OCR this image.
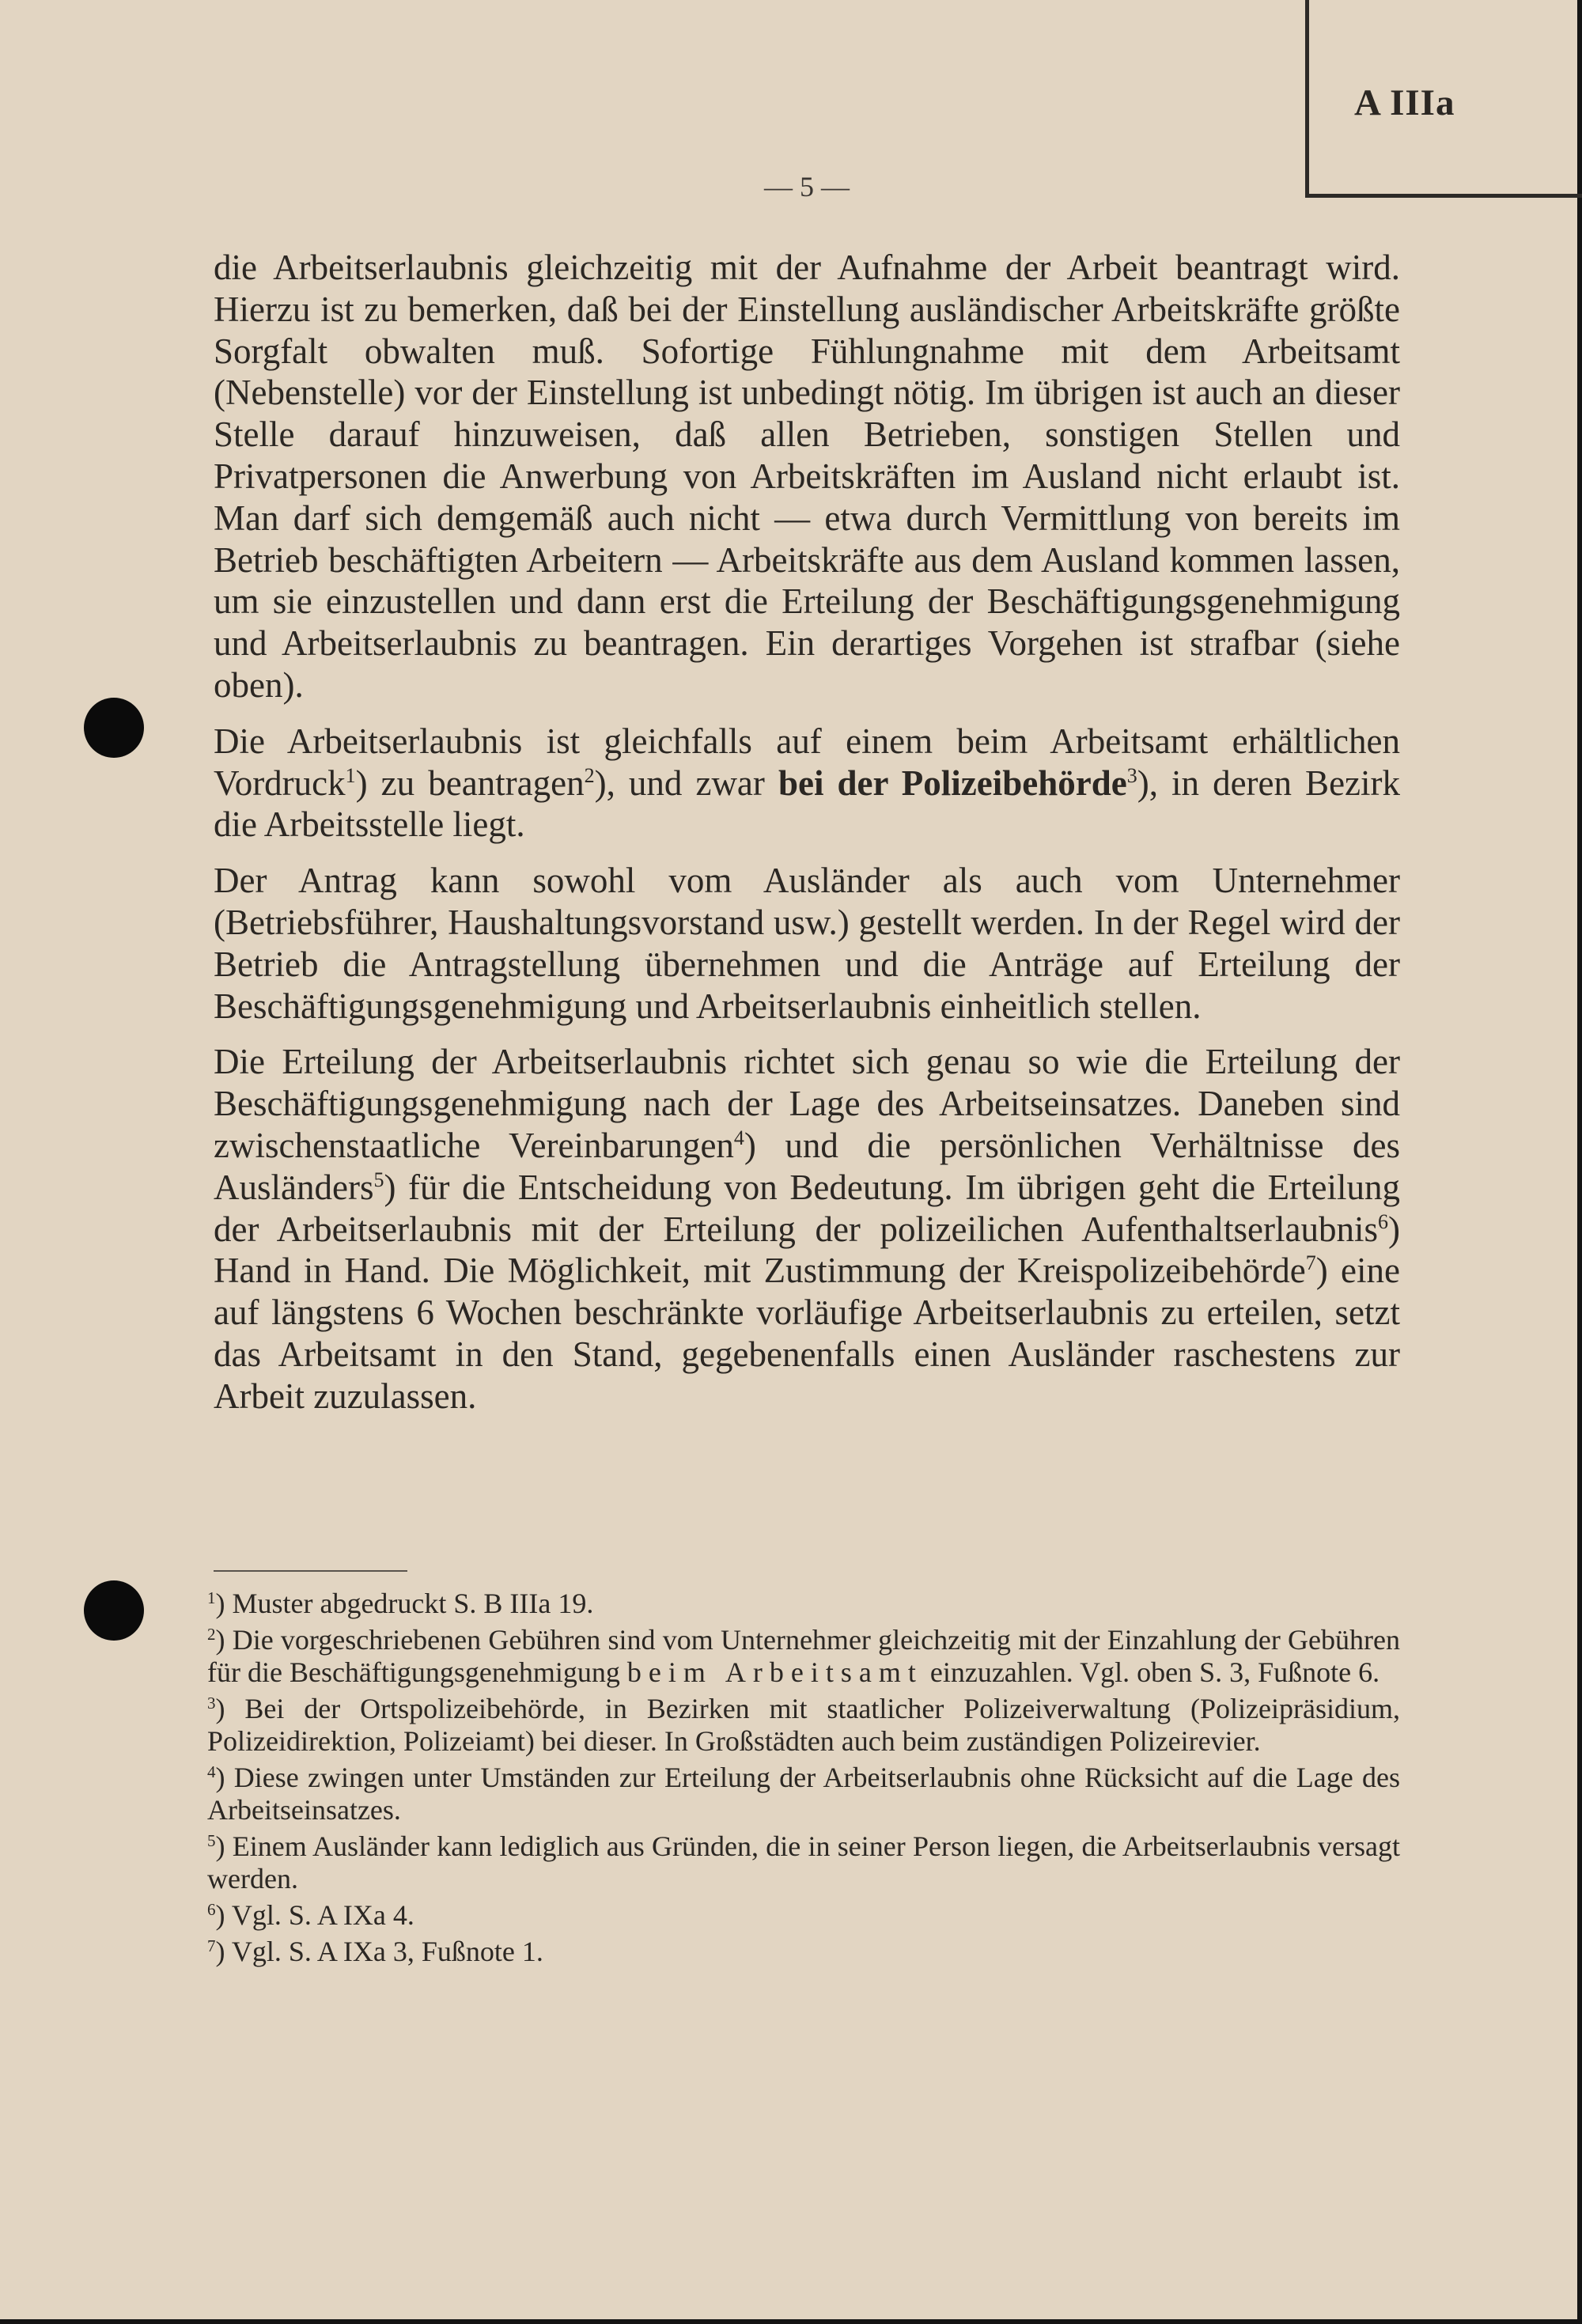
A IIIa
— 5 —

die Arbeitserlaubnis gleichzeitig mit der Aufnahme der Arbeit beantragt wird. Hierzu ist zu bemerken, daß bei der Einstellung ausländischer Arbeitskräfte größte Sorgfalt obwalten muß. Sofortige Fühlungnahme mit dem Arbeitsamt (Nebenstelle) vor der Einstellung ist unbedingt nötig. Im übrigen ist auch an dieser Stelle darauf hinzuweisen, daß allen Betrieben, sonstigen Stellen und Privatpersonen die Anwerbung von Arbeitskräften im Ausland nicht erlaubt ist. Man darf sich demgemäß auch nicht — etwa durch Vermittlung von bereits im Betrieb beschäftigten Arbeitern — Arbeitskräfte aus dem Ausland kommen lassen, um sie einzustellen und dann erst die Erteilung der Beschäftigungsgenehmigung und Arbeitserlaubnis zu beantragen. Ein derartiges Vorgehen ist strafbar (siehe oben).

Die Arbeitserlaubnis ist gleichfalls auf einem beim Arbeitsamt erhältlichen Vordruck$^1$) zu beantragen$^2$), und zwar bei der Polizeibehörde$^3$), in deren Bezirk die Arbeitsstelle liegt.

Der Antrag kann sowohl vom Ausländer als auch vom Unternehmer (Betriebsführer, Haushaltungsvorstand usw.) gestellt werden. In der Regel wird der Betrieb die Antragstellung übernehmen und die Anträge auf Erteilung der Beschäftigungsgenehmigung und Arbeitserlaubnis einheitlich stellen.

Die Erteilung der Arbeitserlaubnis richtet sich genau so wie die Erteilung der Beschäftigungsgenehmigung nach der Lage des Arbeitseinsatzes. Daneben sind zwischenstaatliche Vereinbarungen$^4$) und die persönlichen Verhältnisse des Ausländers$^5$) für die Entscheidung von Bedeutung. Im übrigen geht die Erteilung der Arbeitserlaubnis mit der Erteilung der polizeilichen Aufenthaltserlaubnis$^6$) Hand in Hand. Die Möglichkeit, mit Zustimmung der Kreispolizeibehörde$^7$) eine auf längstens 6 Wochen beschränkte vorläufige Arbeitserlaubnis zu erteilen, setzt das Arbeitsamt in den Stand, gegebenenfalls einen Ausländer raschestens zur Arbeit zuzulassen.

$^1$) Muster abgedruckt S. B IIIa 19.

$^2$) Die vorgeschriebenen Gebühren sind vom Unternehmer gleichzeitig mit der Einzahlung der Gebühren für die Beschäftigungsgenehmigung beim Arbeitsamt einzuzahlen. Vgl. oben S. 3, Fußnote 6.

$^3$) Bei der Ortspolizeibehörde, in Bezirken mit staatlicher Polizeiverwaltung (Polizeipräsidium, Polizeidirektion, Polizeiamt) bei dieser. In Großstädten auch beim zuständigen Polizeirevier.

$^4$) Diese zwingen unter Umständen zur Erteilung der Arbeitserlaubnis ohne Rücksicht auf die Lage des Arbeitseinsatzes.

$^5$) Einem Ausländer kann lediglich aus Gründen, die in seiner Person liegen, die Arbeitserlaubnis versagt werden.

$^6$) Vgl. S. A IXa 4.

$^7$) Vgl. S. A IXa 3, Fußnote 1.
